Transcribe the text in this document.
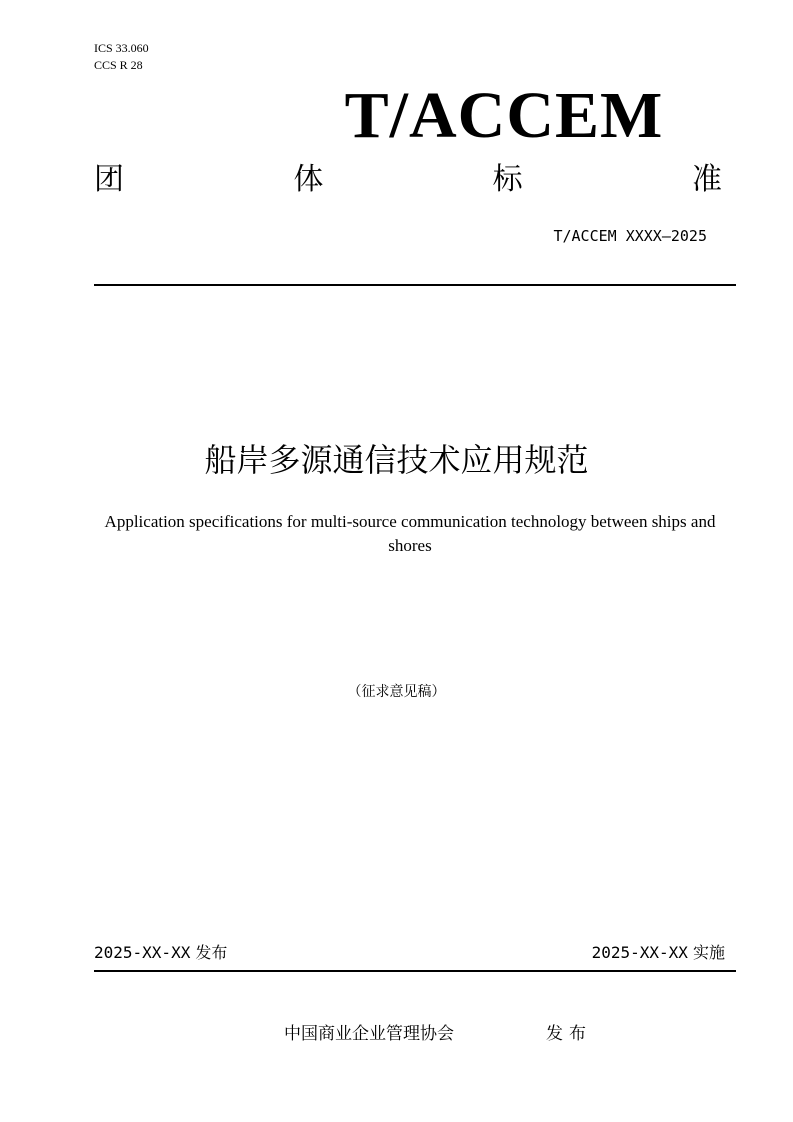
ICS 33.060
CCS R 28
T/ACCEM
团	体	标	准
T/ACCEM XXXX—2025
船岸多源通信技术应用规范
Application specifications for multi-source communication technology between ships and shores
（征求意见稿）
2025-XX-XX 发布	2025-XX-XX 实施
中国商业企业管理协会	发布
